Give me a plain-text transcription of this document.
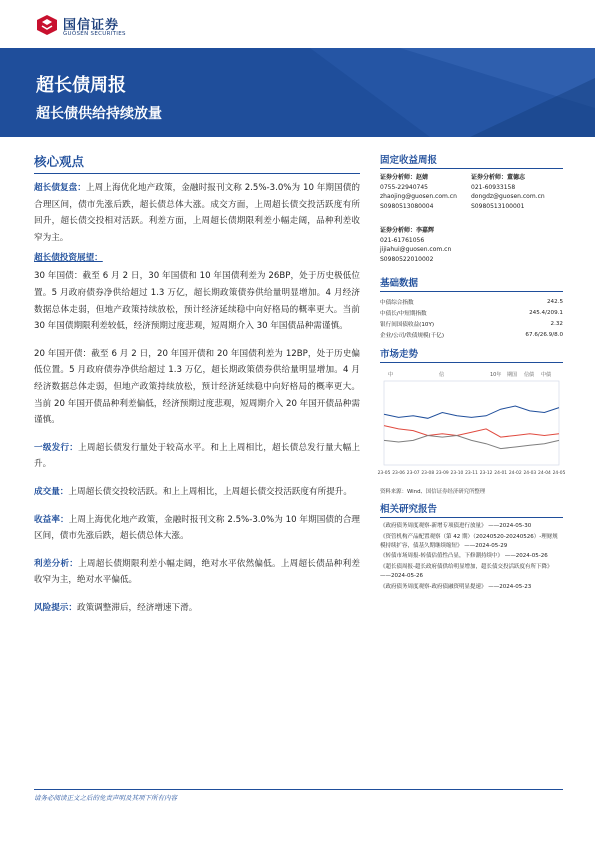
国信证券
GUOSEN SECURITIES
超长债周报
超长债供给持续放量
核心观点

超长债复盘：上周上海优化地产政策，金融时报刊文称 2.5%-3.0%为 10 年期国债的合理区间，债市先涨后跌，超长债总体大涨。成交方面，上周超长债交投活跃度有所回升，超长债交投相对活跃。利差方面，上周超长债期限利差小幅走阔，品种利差收窄为主。

超长债投资展望：

30 年国债：截至 6 月 2 日，30 年国债和 10 年国债利差为 26BP，处于历史极低位置。5 月政府债券净供给超过 1.3 万亿，超长期政策债券供给量明显增加。4 月经济数据总体走弱，但地产政策持续放松，预计经济延续稳中向好格局的概率更大。当前 30 年国债期限利差较低，经济预期过度悲观，短周期介入 30 年国债品种需谨慎。

20 年国开债：截至 6 月 2 日，20 年国开债和 20 年国债利差为 12BP，处于历史偏低位置。5 月政府债券净供给超过 1.3 万亿，超长期政策债券供给量明显增加。4 月经济数据总体走弱，但地产政策持续放松，预计经济延续稳中向好格局的概率更大。当前 20 年国开债品种利差偏低，经济预期过度悲观，短周期介入 20 年国开债品种需谨慎。

一级发行：上周超长债发行量处于较高水平。和上上周相比，超长债总发行量大幅上升。

成交量：上周超长债交投较活跃。和上上周相比，上周超长债交投活跃度有所提升。

收益率：上周上海优化地产政策，金融时报刊文称 2.5%-3.0%为 10 年期国债的合理区间，债市先涨后跌，超长债总体大涨。

利差分析：上周超长债期限利差小幅走阔，绝对水平依然偏低。上周超长债品种利差收窄为主，绝对水平偏低。

风险提示：政策调整滞后，经济增速下滑。

固定收益周报
证券分析师：赵婧
0755-22940745
zhaojing@guosen.com.cn
S0980513080004
证券分析师：董德志
021-60933158
dongdz@guosen.com.cn
S0980513100001
证券分析师：李嘉辉
021-61761056
jijiahui@guosen.com.cn
S0980522010002
基础数据
中债综合指数	242.5
中债长/中短期指数	245.4/209.1
银行间国债收益(10Y)	2.32
企业/公司/铁债规模(千亿)	67.6/26.9/8.0
市场走势
中	信	10年 期国 信债 中债
23-05 23-06 23-07 23-08 23-09 23-10 23-11 23-12 24-01 24-02 24-03 24-04 24-05
资料来源：Wind、国信证券经济研究所整理
相关研究报告
《政府债务周度观察-新增专项债进行放量》 ——2024-05-30
《资管机构产品配置观察（第 42 期）（20240520-20240526）-理财规模持续扩容，债基久期继续缩短》 ——2024-05-29
《转债市场周报-转债估值性凸显，下修潮持续中》 ——2024-05-26
《超长债周报-超长政府债供给明显增加，超长债交投活跃度有所下降》 ——2024-05-26
《政府债务周度观察-政府债融资明显提速》 ——2024-05-23
请务必阅读正文之后的免责声明及其项下所有内容
